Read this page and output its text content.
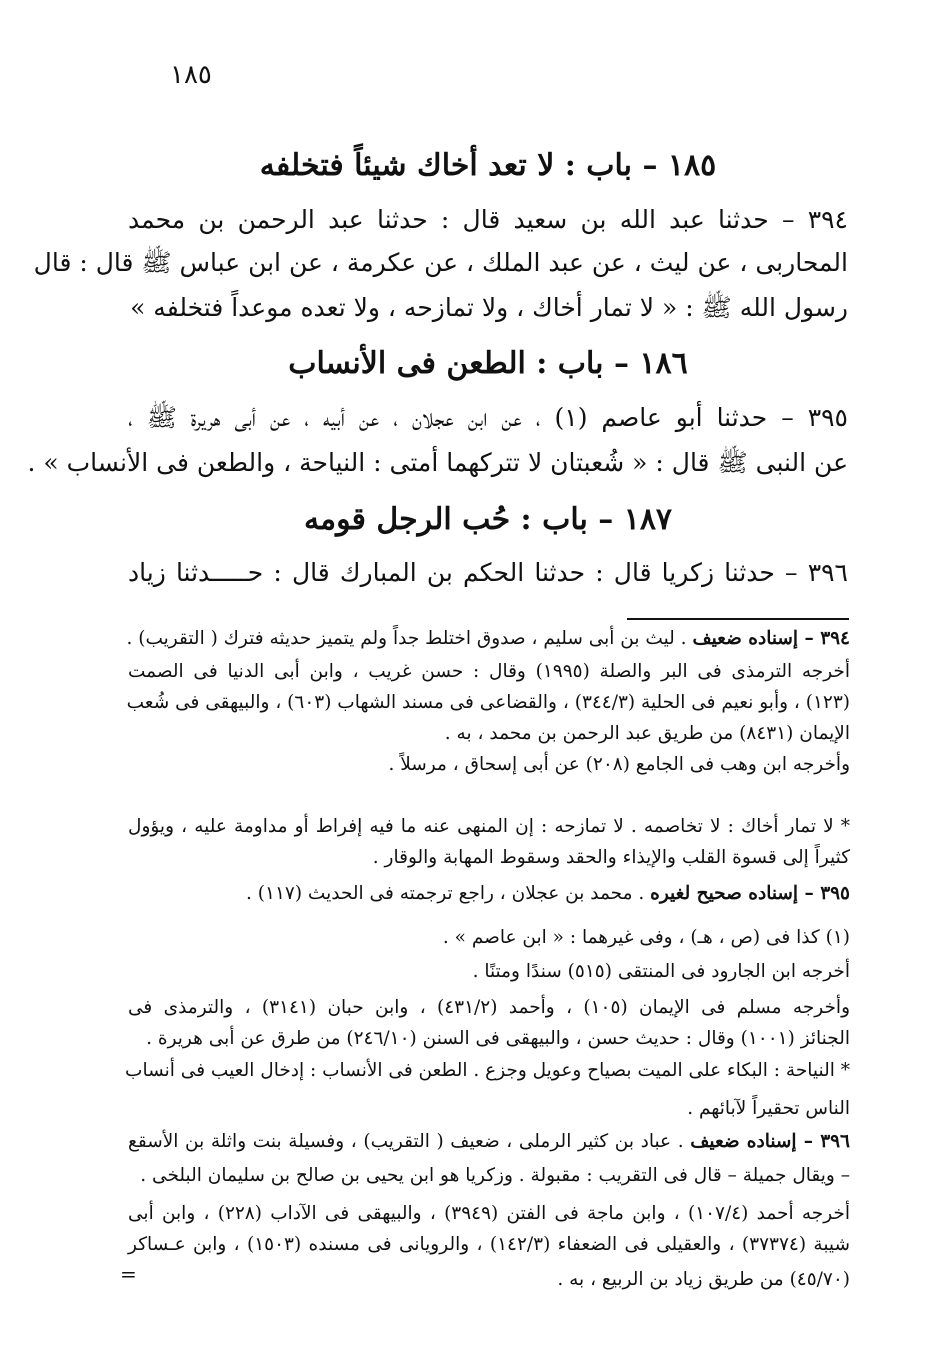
١٨٥
١٨٥ – باب : لا تعد أخاك شيئاً فتخلفه
٣٩٤ – حدثنا عبد الله بن سعيد قال : حدثنا عبد الرحمن بن محمد
المحاربى ، عن ليث ، عن عبد الملك ، عن عكرمة ، عن ابن عباس ﷺ قال : قال
رسول الله ﷺ : « لا تمار أخاك ، ولا تمازحه ، ولا تعده موعداً فتخلفه »
١٨٦ – باب : الطعن فى الأنساب
٣٩٥ – حدثنا أبو عاصم (١) ، عن ابن عجلان ، عن أبيه ، عن أبى هريرة ﷺ ،
عن النبى ﷺ قال : « شُعبتان لا تتركهما أمتى : النياحة ، والطعن فى الأنساب » .
١٨٧ – باب : حُب الرجل قومه
٣٩٦ – حدثنا زكريا قال : حدثنا الحكم بن المبارك قال : حـــــدثنا زياد
٣٩٤ – إسناده ضعيف . ليث بن أبى سليم ، صدوق اختلط جداً ولم يتميز حديثه فترك ( التقريب) .
أخرجه الترمذى فى البر والصلة (١٩٩٥) وقال : حسن غريب ، وابن أبى الدنيا فى الصمت
(١٢٣) ، وأبو نعيم فى الحلية (٣٤٤/٣) ، والقضاعى فى مسند الشهاب (٦٠٣) ، والبيهقى فى شُعب
الإيمان (٨٤٣١) من طريق عبد الرحمن بن محمد ، به .
وأخرجه ابن وهب فى الجامع (٢٠٨) عن أبى إسحاق ، مرسلاً .
* لا تمار أخاك : لا تخاصمه . لا تمازحه : إن المنهى عنه ما فيه إفراط أو مداومة عليه ، ويؤول
كثيراً إلى قسوة القلب والإيذاء والحقد وسقوط المهابة والوقار .
٣٩٥ – إسناده صحيح لغيره . محمد بن عجلان ، راجع ترجمته فى الحديث (١١٧) .
(١) كذا فى (ص ، هـ) ، وفى غيرهما : « ابن عاصم » .
أخرجه ابن الجارود فى المنتقى (٥١٥) سندًا ومتنًا .
وأخرجه مسلم فى الإيمان (١٠٥) ، وأحمد (٤٣١/٢) ، وابن حبان (٣١٤١) ، والترمذى فى
الجنائز (١٠٠١) وقال : حديث حسن ، والبيهقى فى السنن (٢٤٦/١٠) من طرق عن أبى هريرة .
* النياحة : البكاء على الميت بصياح وعويل وجزع . الطعن فى الأنساب : إدخال العيب فى أنساب
الناس تحقيراً لآبائهم .
٣٩٦ – إسناده ضعيف . عباد بن كثير الرملى ، ضعيف ( التقريب) ، وفسيلة بنت واثلة بن الأسقع
– ويقال جميلة – قال فى التقريب : مقبولة . وزكريا هو ابن يحيى بن صالح بن سليمان البلخى .
أخرجه أحمد (١٠٧/٤) ، وابن ماجة فى الفتن (٣٩٤٩) ، والبيهقى فى الآداب (٢٢٨) ، وابن أبى
شيبة (٣٧٣٧٤) ، والعقيلى فى الضعفاء (١٤٢/٣) ، والرويانى فى مسنده (١٥٠٣) ، وابن عـساكر
(٤٥/٧٠) من طريق زياد بن الربيع ، به .
=
